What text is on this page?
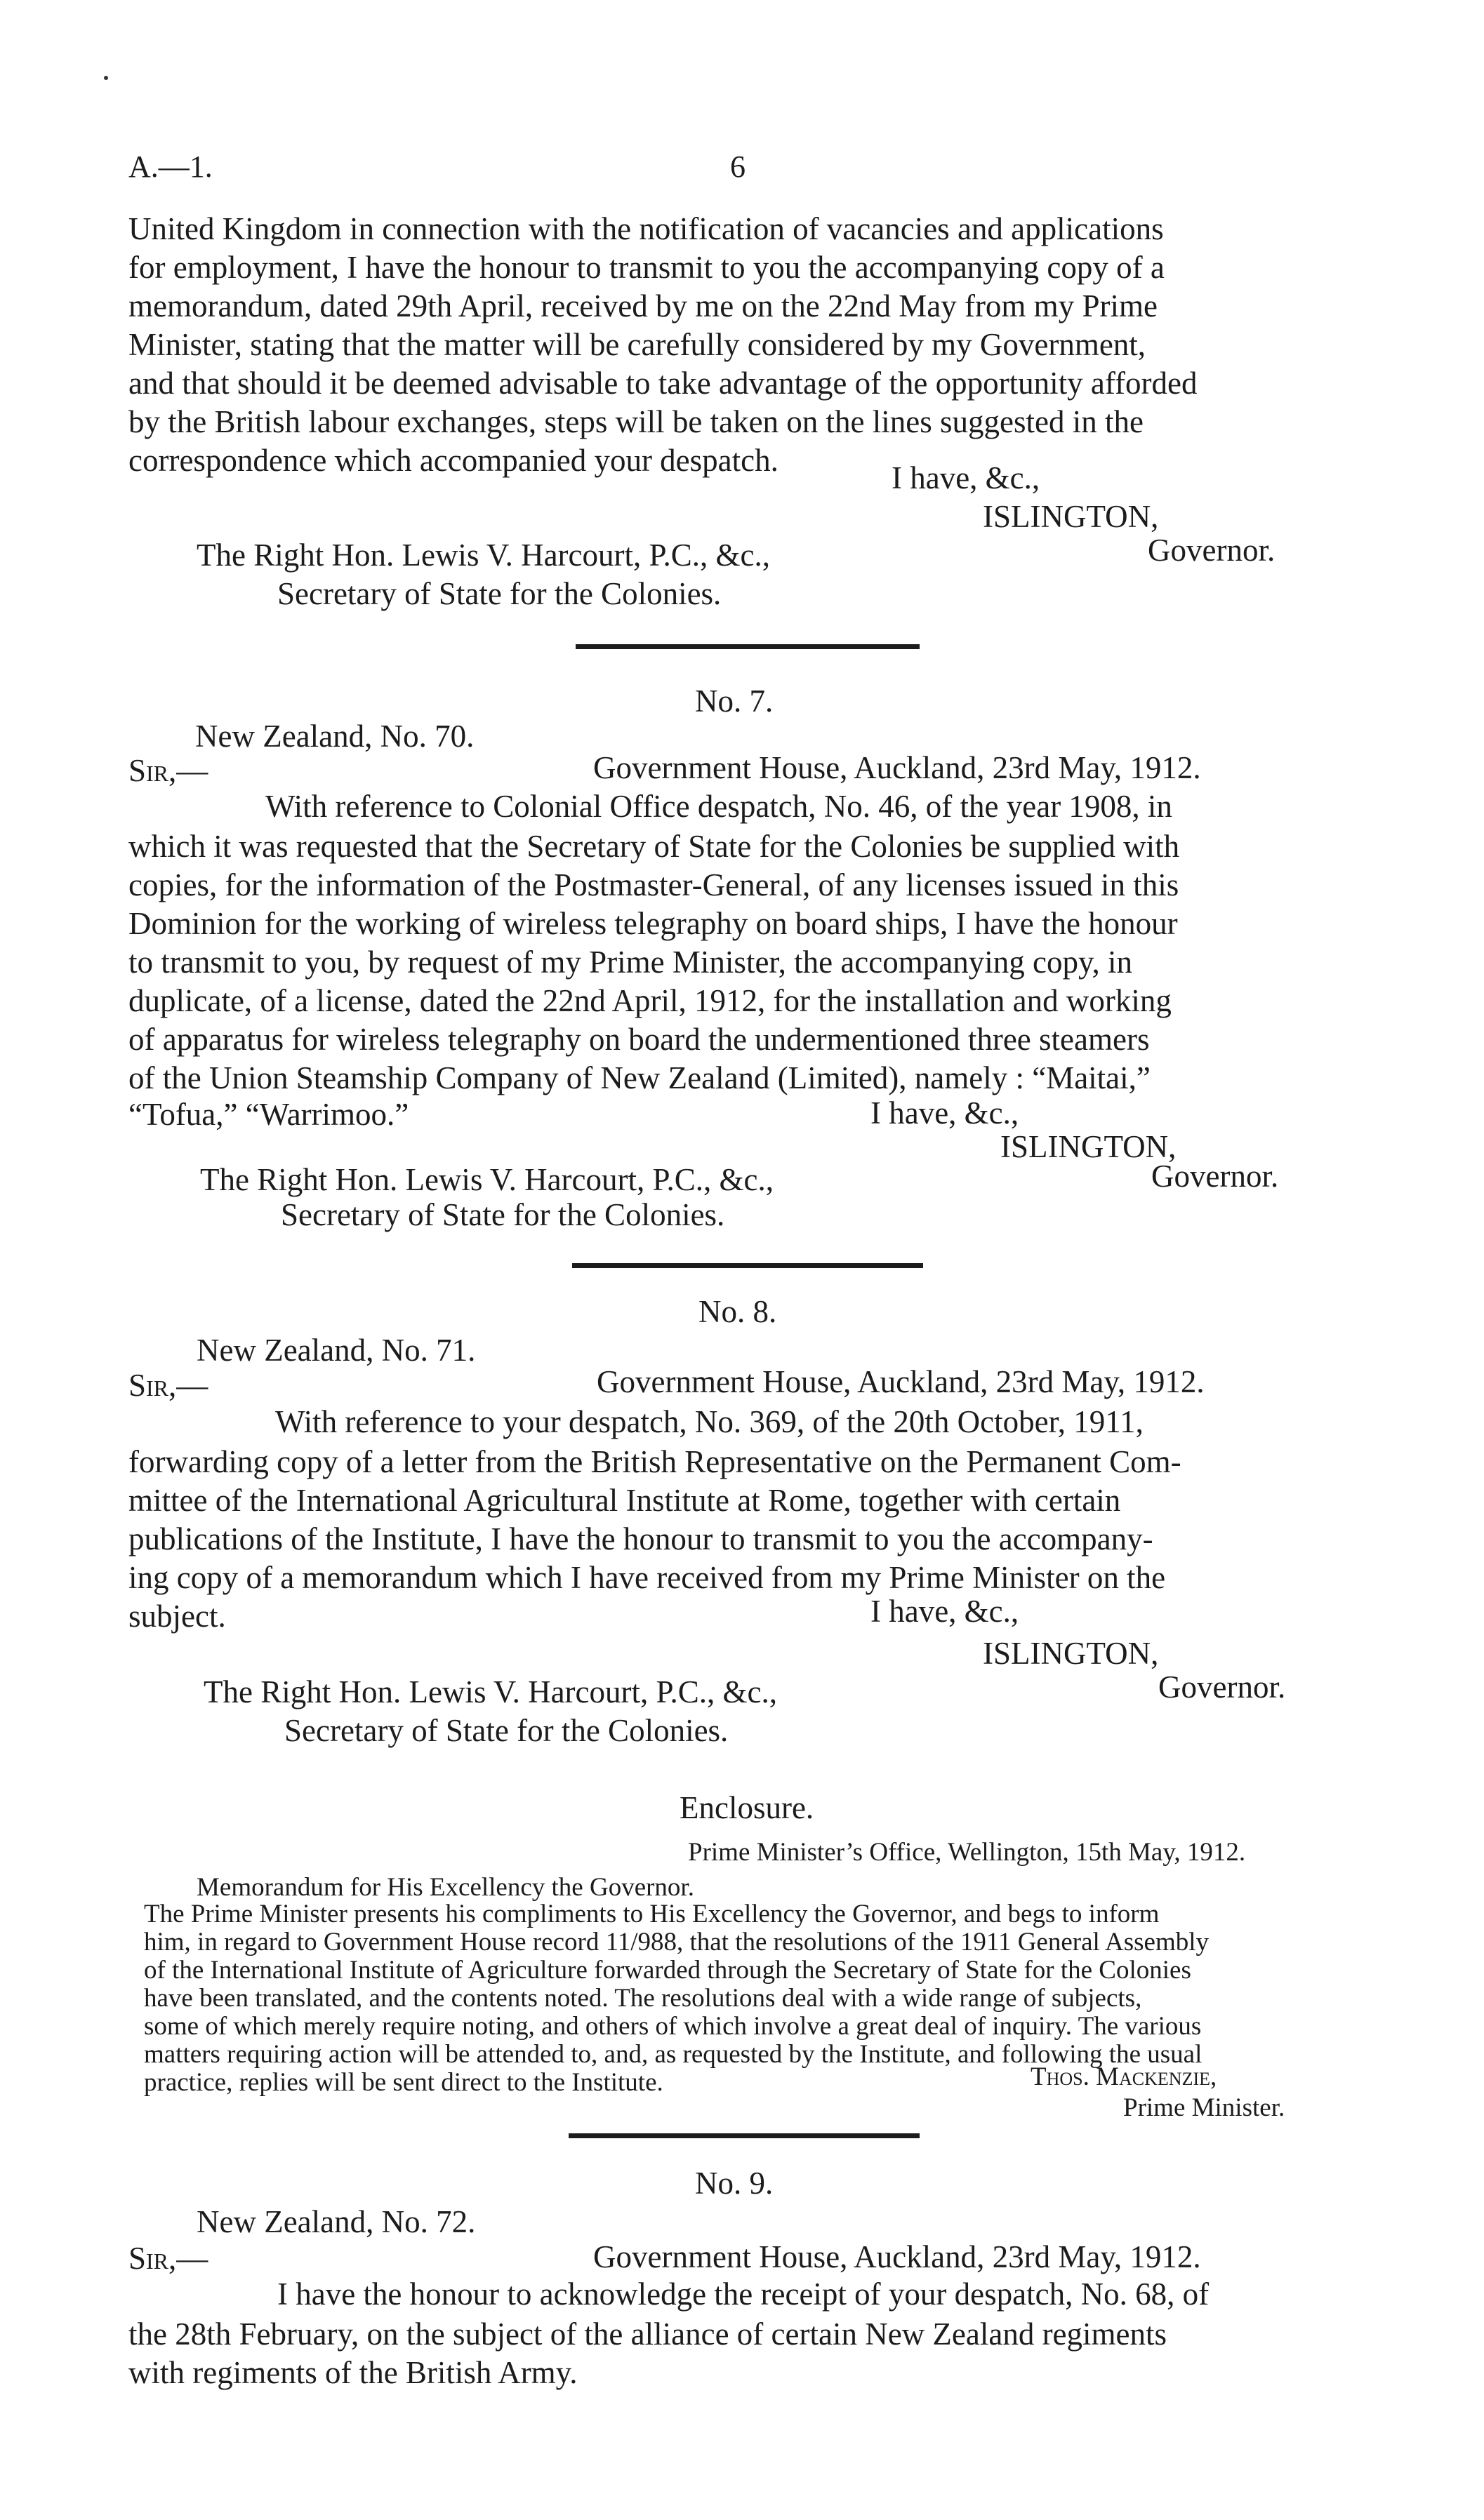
A.—1.	6
United Kingdom in connection with the notification of vacancies and applications
for employment, I have the honour to transmit to you the accompanying copy of a
memorandum, dated 29th April, received by me on the 22nd May from my Prime
Minister, stating that the matter will be carefully considered by my Government,
and that should it be deemed advisable to take advantage of the opportunity afforded
by the British labour exchanges, steps will be taken on the lines suggested in the
correspondence which accompanied your despatch.	I have, &c.,
ISLINGTON,
The Right Hon. Lewis V. Harcourt, P.C., &c.,	Governor.
Secretary of State for the Colonies.
No. 7.
New Zealand, No. 70.
Sir,—	Government House, Auckland, 23rd May, 1912.
With reference to Colonial Office despatch, No. 46, of the year 1908, in
which it was requested that the Secretary of State for the Colonies be supplied with
copies, for the information of the Postmaster-General, of any licenses issued in this
Dominion for the working of wireless telegraphy on board ships, I have the honour
to transmit to you, by request of my Prime Minister, the accompanying copy, in
duplicate, of a license, dated the 22nd April, 1912, for the installation and working
of apparatus for wireless telegraphy on board the undermentioned three steamers
of the Union Steamship Company of New Zealand (Limited), namely : “Maitai,”
“Tofua,” “Warrimoo.”	I have, &c.,
ISLINGTON,
The Right Hon. Lewis V. Harcourt, P.C., &c.,	Governor.
Secretary of State for the Colonies.
No. 8.
New Zealand, No. 71.
Sir,—	Government House, Auckland, 23rd May, 1912.
With reference to your despatch, No. 369, of the 20th October, 1911,
forwarding copy of a letter from the British Representative on the Permanent Com-
mittee of the International Agricultural Institute at Rome, together with certain
publications of the Institute, I have the honour to transmit to you the accompany-
ing copy of a memorandum which I have received from my Prime Minister on the
subject.	I have, &c.,
ISLINGTON,
The Right Hon. Lewis V. Harcourt, P.C., &c.,	Governor.
Secretary of State for the Colonies.
Enclosure.
Prime Minister’s Office, Wellington, 15th May, 1912.
Memorandum for His Excellency the Governor.
The Prime Minister presents his compliments to His Excellency the Governor, and begs to inform
him, in regard to Government House record 11/988, that the resolutions of the 1911 General Assembly
of the International Institute of Agriculture forwarded through the Secretary of State for the Colonies
have been translated, and the contents noted. The resolutions deal with a wide range of subjects,
some of which merely require noting, and others of which involve a great deal of inquiry. The various
matters requiring action will be attended to, and, as requested by the Institute, and following the usual
practice, replies will be sent direct to the Institute.	Thos. Mackenzie,
Prime Minister.
No. 9.
New Zealand, No. 72.
Sir,—	Government House, Auckland, 23rd May, 1912.
I have the honour to acknowledge the receipt of your despatch, No. 68, of
the 28th February, on the subject of the alliance of certain New Zealand regiments
with regiments of the British Army.
